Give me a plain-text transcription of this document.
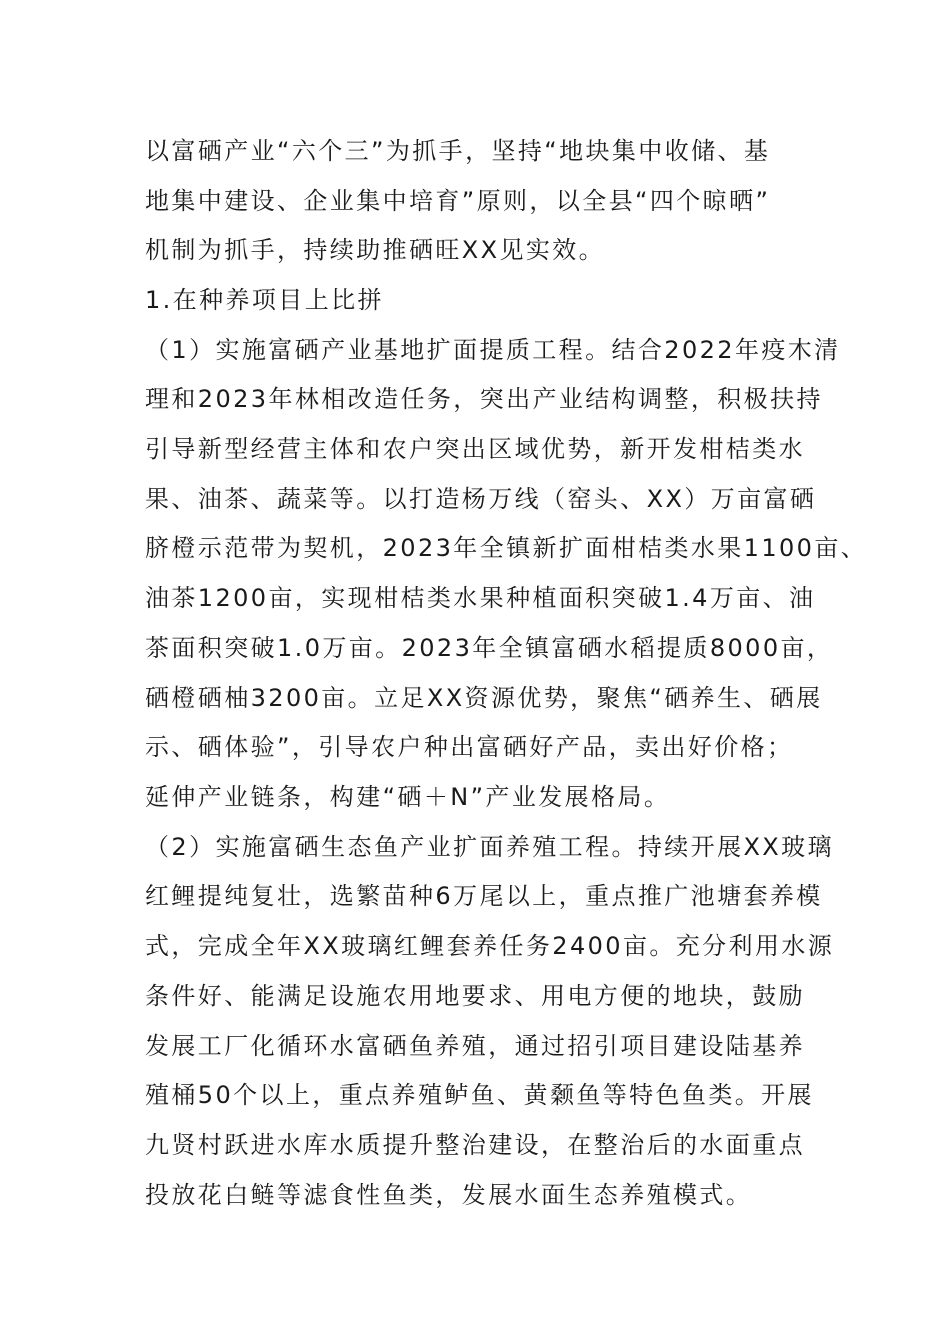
以富硒产业“六个三”为抓手，坚持“地块集中收储、基
地集中建设、企业集中培育”原则，以全县“四个晾晒”
机制为抓手，持续助推硒旺XX见实效。
1.在种养项目上比拼
（1）实施富硒产业基地扩面提质工程。结合2022年疫木清
理和2023年林相改造任务，突出产业结构调整，积极扶持
引导新型经营主体和农户突出区域优势，新开发柑桔类水
果、油茶、蔬菜等。以打造杨万线（窑头、XX）万亩富硒
脐橙示范带为契机，2023年全镇新扩面柑桔类水果1100亩、
油茶1200亩，实现柑桔类水果种植面积突破1.4万亩、油
茶面积突破1.0万亩。2023年全镇富硒水稻提质8000亩，
硒橙硒柚3200亩。立足XX资源优势，聚焦“硒养生、硒展
示、硒体验”，引导农户种出富硒好产品，卖出好价格；
延伸产业链条，构建“硒＋N”产业发展格局。
（2）实施富硒生态鱼产业扩面养殖工程。持续开展XX玻璃
红鲤提纯复壮，选繁苗种6万尾以上，重点推广池塘套养模
式，完成全年XX玻璃红鲤套养任务2400亩。充分利用水源
条件好、能满足设施农用地要求、用电方便的地块，鼓励
发展工厂化循环水富硒鱼养殖，通过招引项目建设陆基养
殖桶50个以上，重点养殖鲈鱼、黄颡鱼等特色鱼类。开展
九贤村跃进水库水质提升整治建设，在整治后的水面重点
投放花白鲢等滤食性鱼类，发展水面生态养殖模式。
